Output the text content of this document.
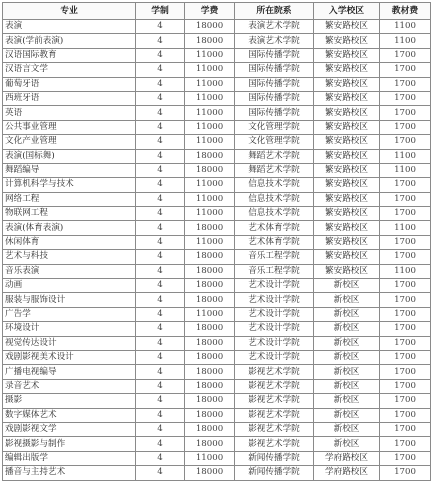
专业	学制	学费	所在院系	入学校区	教材费
表演	4	18000	表演艺术学院	繁安路校区	1100
表演(学前表演)	4	18000	表演艺术学院	繁安路校区	1100
汉语国际教育	4	11000	国际传播学院	繁安路校区	1700
汉语言文学	4	11000	国际传播学院	繁安路校区	1700
葡萄牙语	4	11000	国际传播学院	繁安路校区	1700
西班牙语	4	11000	国际传播学院	繁安路校区	1700
英语	4	11000	国际传播学院	繁安路校区	1700
公共事业管理	4	11000	文化管理学院	繁安路校区	1700
文化产业管理	4	11000	文化管理学院	繁安路校区	1700
表演(国标舞)	4	18000	舞蹈艺术学院	繁安路校区	1100
舞蹈编导	4	18000	舞蹈艺术学院	繁安路校区	1100
计算机科学与技术	4	11000	信息技术学院	繁安路校区	1700
网络工程	4	11000	信息技术学院	繁安路校区	1700
物联网工程	4	11000	信息技术学院	繁安路校区	1700
表演(体育表演)	4	18000	艺术体育学院	繁安路校区	1100
休闲体育	4	11000	艺术体育学院	繁安路校区	1700
艺术与科技	4	18000	音乐工程学院	繁安路校区	1700
音乐表演	4	18000	音乐工程学院	繁安路校区	1100
动画	4	18000	艺术设计学院	新校区	1700
服装与服饰设计	4	18000	艺术设计学院	新校区	1700
广告学	4	11000	艺术设计学院	新校区	1700
环境设计	4	18000	艺术设计学院	新校区	1700
视觉传达设计	4	18000	艺术设计学院	新校区	1700
戏剧影视美术设计	4	18000	艺术设计学院	新校区	1700
广播电视编导	4	18000	影视艺术学院	新校区	1700
录音艺术	4	18000	影视艺术学院	新校区	1700
摄影	4	18000	影视艺术学院	新校区	1700
数字媒体艺术	4	18000	影视艺术学院	新校区	1700
戏剧影视文学	4	18000	影视艺术学院	新校区	1700
影视摄影与制作	4	18000	影视艺术学院	新校区	1700
编辑出版学	4	11000	新闻传播学院	学府路校区	1700
播音与主持艺术	4	18000	新闻传播学院	学府路校区	1700
